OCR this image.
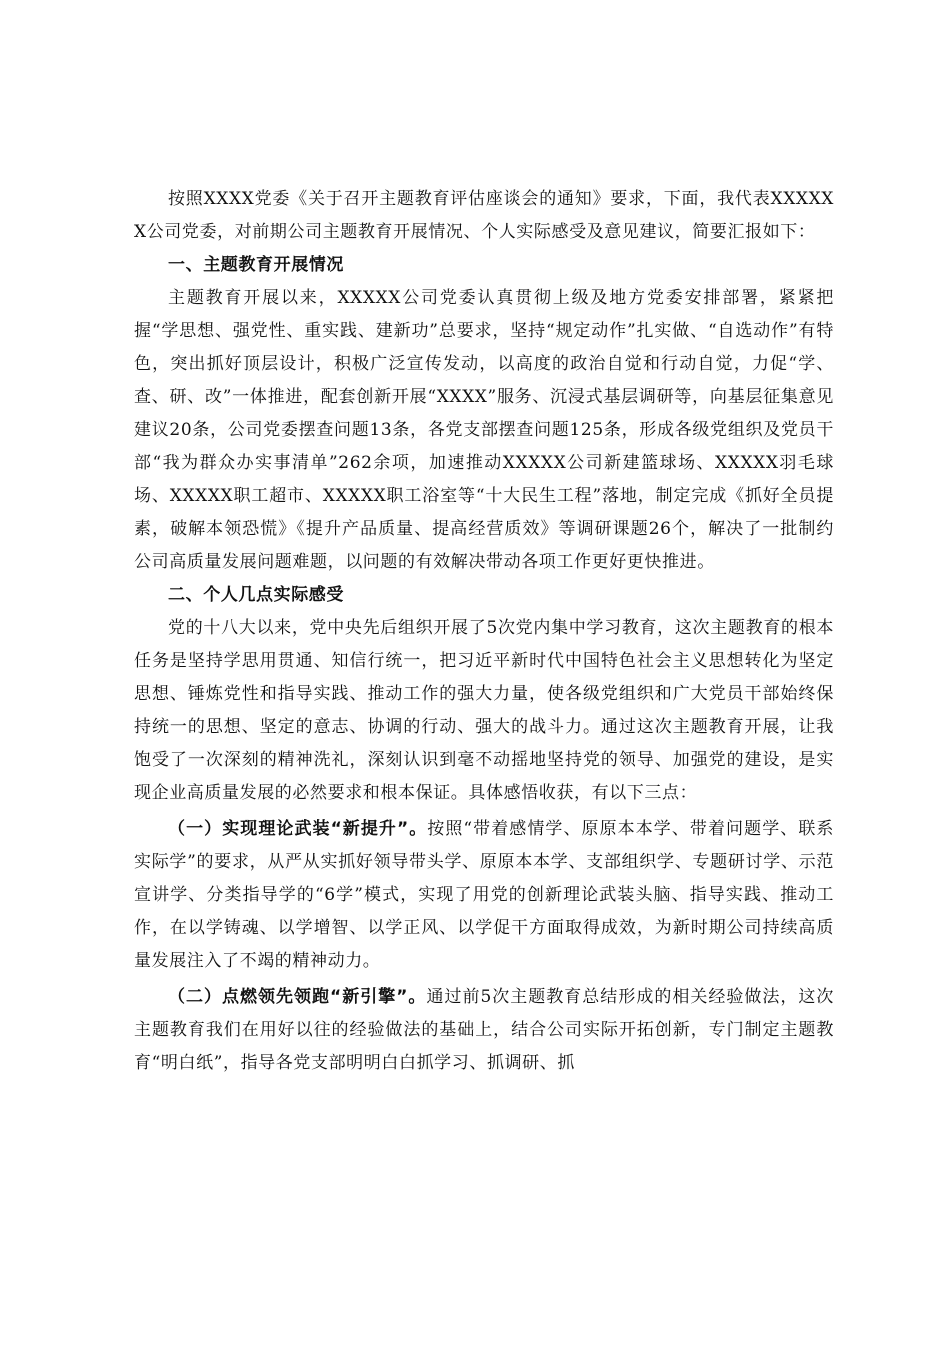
按照XXXX党委《关于召开主题教育评估座谈会的通知》要求，下面，我代表XXXXXX公司党委，对前期公司主题教育开展情况、个人实际感受及意见建议，简要汇报如下：

一、主题教育开展情况

主题教育开展以来，XXXXX公司党委认真贯彻上级及地方党委安排部署，紧紧把握“学思想、强党性、重实践、建新功”总要求，坚持“规定动作”扎实做、“自选动作”有特色，突出抓好顶层设计，积极广泛宣传发动，以高度的政治自觉和行动自觉，力促“学、查、研、改”一体推进，配套创新开展“XXXX”服务、沉浸式基层调研等，向基层征集意见建议20条，公司党委摆查问题13条，各党支部摆查问题125条，形成各级党组织及党员干部“我为群众办实事清单”262余项，加速推动XXXXX公司新建篮球场、XXXXX羽毛球场、XXXXX职工超市、XXXXX职工浴室等“十大民生工程”落地，制定完成《抓好全员提素，破解本领恐慌》《提升产品质量、提高经营质效》等调研课题26个，解决了一批制约公司高质量发展问题难题，以问题的有效解决带动各项工作更好更快推进。

二、个人几点实际感受

党的十八大以来，党中央先后组织开展了5次党内集中学习教育，这次主题教育的根本任务是坚持学思用贯通、知信行统一，把习近平新时代中国特色社会主义思想转化为坚定思想、锤炼党性和指导实践、推动工作的强大力量，使各级党组织和广大党员干部始终保持统一的思想、坚定的意志、协调的行动、强大的战斗力。通过这次主题教育开展，让我饱受了一次深刻的精神洗礼，深刻认识到毫不动摇地坚持党的领导、加强党的建设，是实现企业高质量发展的必然要求和根本保证。具体感悟收获，有以下三点：

（一）实现理论武装“新提升”。按照“带着感情学、原原本本学、带着问题学、联系实际学”的要求，从严从实抓好领导带头学、原原本本学、支部组织学、专题研讨学、示范宣讲学、分类指导学的“6学”模式，实现了用党的创新理论武装头脑、指导实践、推动工作，在以学铸魂、以学增智、以学正风、以学促干方面取得成效，为新时期公司持续高质量发展注入了不竭的精神动力。

（二）点燃领先领跑“新引擎”。通过前5次主题教育总结形成的相关经验做法，这次主题教育我们在用好以往的经验做法的基础上，结合公司实际开拓创新，专门制定主题教育“明白纸”，指导各党支部明明白白抓学习、抓调研、抓
